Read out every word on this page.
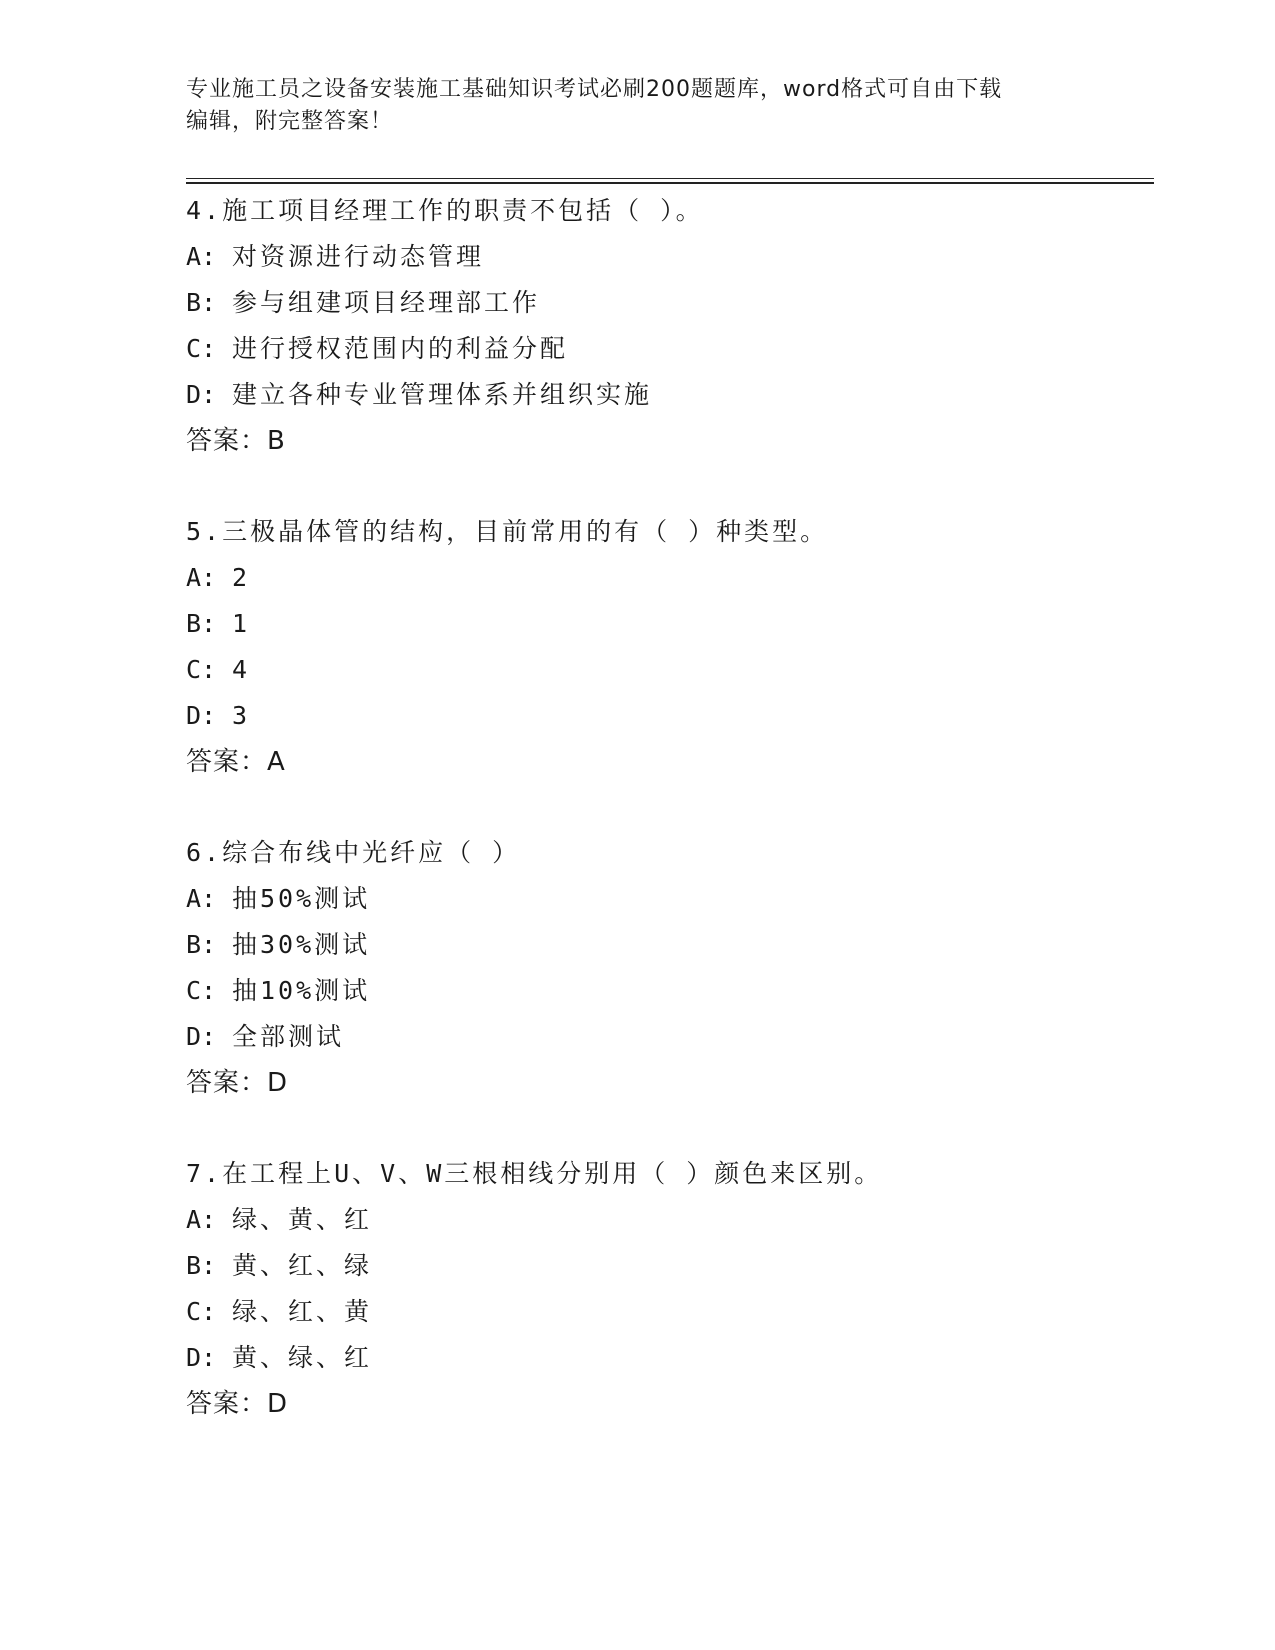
专业施工员之设备安装施工基础知识考试必刷200题题库，word格式可自由下载
编辑，附完整答案！
4.施工项目经理工作的职责不包括（ ）。
A: 对资源进行动态管理
B: 参与组建项目经理部工作
C: 进行授权范围内的利益分配
D: 建立各种专业管理体系并组织实施
答案：B
5.三极晶体管的结构，目前常用的有（ ）种类型。
A: 2
B: 1
C: 4
D: 3
答案：A
6.综合布线中光纤应（ ）
A: 抽50%测试
B: 抽30%测试
C: 抽10%测试
D: 全部测试
答案：D
7.在工程上U、V、W三根相线分别用（ ）颜色来区别。
A: 绿、黄、红
B: 黄、红、绿
C: 绿、红、黄
D: 黄、绿、红
答案：D
